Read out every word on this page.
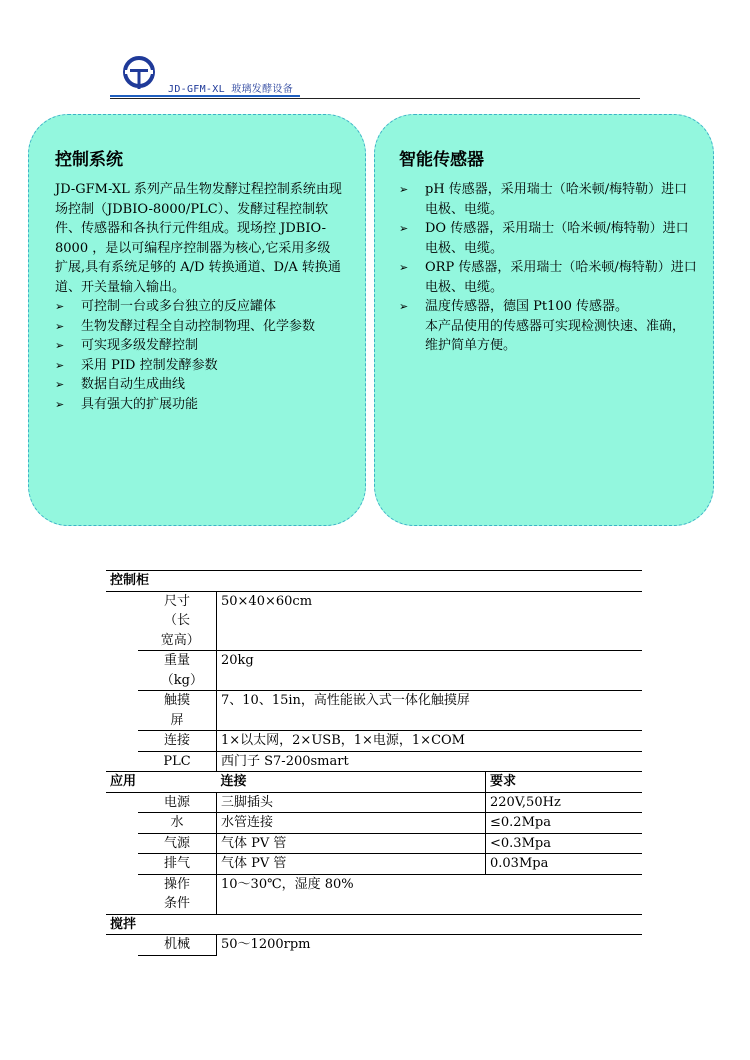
JD-GFM-XL 玻璃发酵设备
控制系统

JD-GFM-XL 系列产品生物发酵过程控制系统由现场控制（JDBIO-8000/PLC）、发酵过程控制软件、传感器和各执行元件组成。现场控 JDBIO-8000 ，是以可编程序控制器为核心,它采用多级扩展,具有系统足够的 A/D 转换通道、D/A 转换通道、开关量输入输出。

➢ 可控制一台或多台独立的反应罐体
➢ 生物发酵过程全自动控制物理、化学参数
➢ 可实现多级发酵控制
➢ 采用 PID 控制发酵参数
➢ 数据自动生成曲线
➢ 具有强大的扩展功能
智能传感器
➢ pH 传感器，采用瑞士（哈米顿/梅特勒）进口电极、电缆。
➢ DO 传感器，采用瑞士（哈米顿/梅特勒）进口电极、电缆。
➢ ORP 传感器，采用瑞士（哈米顿/梅特勒）进口电极、电缆。
➢ 温度传感器，德国 Pt100 传感器。

本产品使用的传感器可实现检测快速、准确，维护简单方便。

控制柜			
	尺寸（长宽高）	50×40×60cm	
	重量（kg）	20kg	
	触摸屏	7、10、15in，高性能嵌入式一体化触摸屏	
	连接	1×以太网，2×USB，1×电源，1×COM	
	PLC	西门子 S7-200smart	
应用		连接	要求
	电源	三脚插头	220V,50Hz
	水	水管连接	≤0.2Mpa
	气源	气体 PV 管	<0.3Mpa
	排气	气体 PV 管	0.03Mpa
	操作条件	10～30℃，湿度 80%	
搅拌			
	机械	50～1200rpm	
